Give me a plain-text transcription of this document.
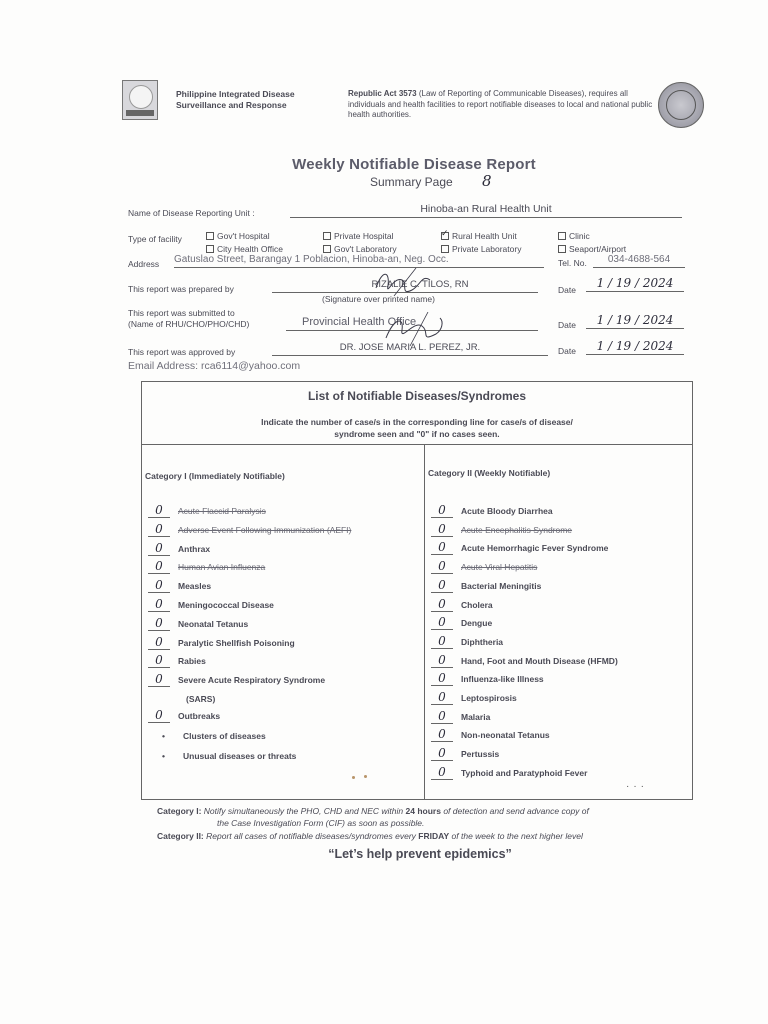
Philippine Integrated Disease
Surveillance and Response
Republic Act 3573 (Law of Reporting of Communicable Diseases), requires all individuals and health facilities to report notifiable diseases to local and national public health authorities.
Weekly Notifiable Disease Report
Summary Page 8
Name of Disease Reporting Unit :	Hinoba-an Rural Health Unit
Type of facility	Gov't Hospital	Private Hospital
✓	Rural Health Unit	Clinic
City Health Office	Gov't Laboratory	Private Laboratory	Seaport/Airport
Address Gatuslao Street, Barangay 1 Poblacion, Hinoba-an, Neg. Occ.	Tel. No.	034-4688-564
This report was prepared by	RIZALIE C. TILOS, RN
(Signature over printed name)
Date	1 / 19 / 2024
This report was submitted to
(Name of RHU/CHO/PHO/CHD)	Provincial Health Office	Date	1 / 19 / 2024
This report was approved by	DR. JOSE MARIA L. PEREZ, JR.	Date	1 / 19 / 2024
Email Address: rca6114@yahoo.com
List of Notifiable Diseases/Syndromes
Indicate the number of case/s in the corresponding line for case/s of disease/
syndrome seen and "0" if no cases seen.
Category I (Immediately Notifiable)	Category II (Weekly Notifiable)
0	Acute Flaccid Paralysis
0	Adverse Event Following Immunization (AEFI)
0	Anthrax
0	Human Avian Influenza
0	Measles
0	Meningococcal Disease
0	Neonatal Tetanus
0	Paralytic Shellfish Poisoning
0	Rabies
0	Severe Acute Respiratory Syndrome
(SARS)
0	Outbreaks
• Clusters of diseases
• Unusual diseases or threats
0	Acute Bloody Diarrhea
0	Acute Encephalitis Syndrome
0	Acute Hemorrhagic Fever Syndrome
0	Acute Viral Hepatitis
0	Bacterial Meningitis
0	Cholera
0	Dengue
0	Diphtheria
0	Hand, Foot and Mouth Disease (HFMD)
0	Influenza-like Illness
0	Leptospirosis
0	Malaria
0	Non-neonatal Tetanus
0	Pertussis
0	Typhoid and Paratyphoid Fever
···
Category I: Notify simultaneously the PHO, CHD and NEC within 24 hours of detection and send advance copy of
the Case Investigation Form (CIF) as soon as possible.
Category II: Report all cases of notifiable diseases/syndromes every FRIDAY of the week to the next higher level
“Let’s help prevent epidemics”
